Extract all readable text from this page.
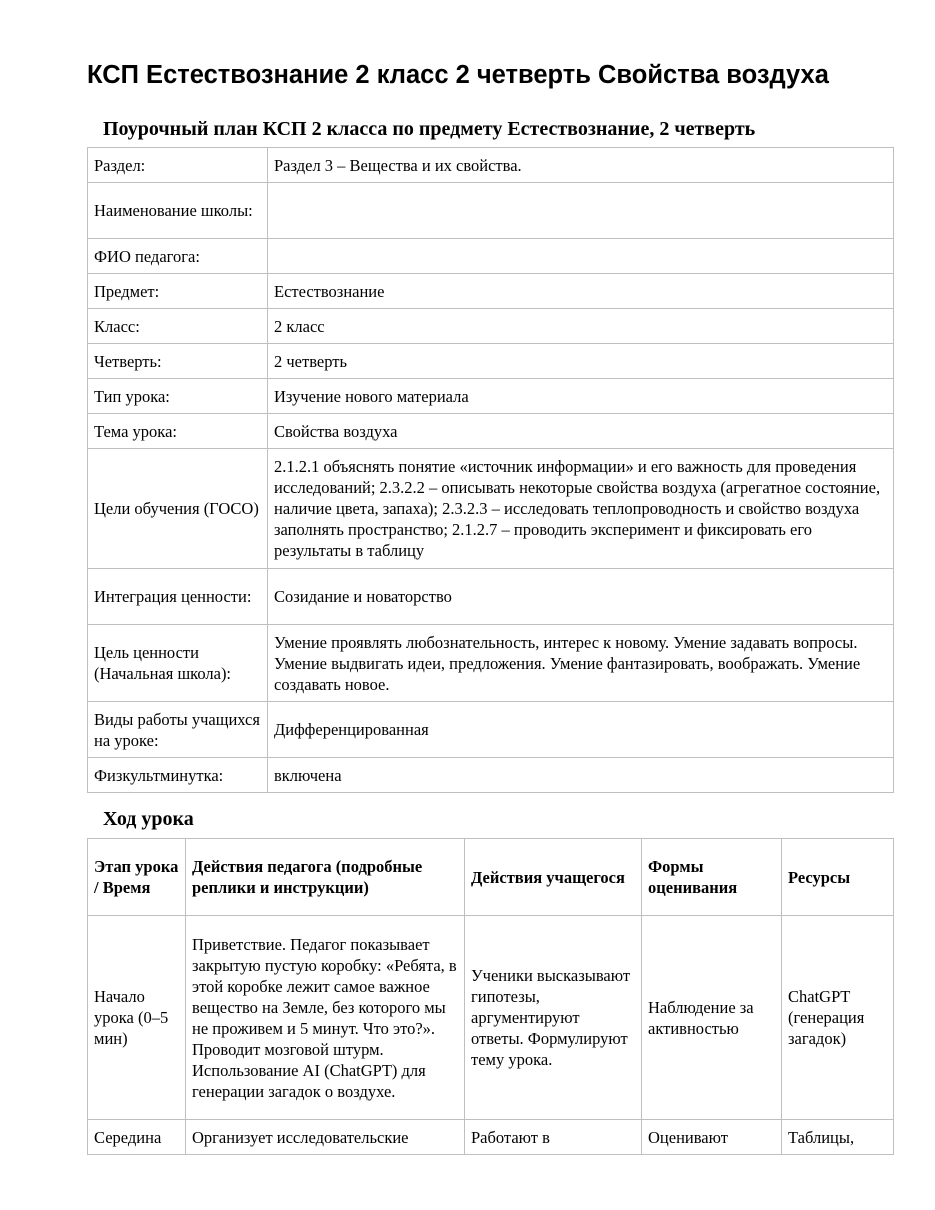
КСП Естествознание 2 класс 2 четверть Свойства воздуха
Поурочный план КСП 2 класса по предмету Естествознание, 2 четверть
Раздел:	Раздел 3 – Вещества и их свойства.
Наименование школы:	
ФИО педагога:	
Предмет:	Естествознание
Класс:	2 класс
Четверть:	2 четверть
Тип урока:	Изучение нового материала
Тема урока:	Свойства воздуха
Цели обучения (ГОСО)	2.1.2.1 объяснять понятие «источник информации» и его важность для проведения исследований; 2.3.2.2 – описывать некоторые свойства воздуха (агрегатное состояние, наличие цвета, запаха); 2.3.2.3 – исследовать теплопроводность и свойство воздуха заполнять пространство; 2.1.2.7 – проводить эксперимент и фиксировать его результаты в таблицу
Интеграция ценности:	Созидание и новаторство
Цель ценности (Начальная школа):	Умение проявлять любознательность, интерес к новому. Умение задавать вопросы. Умение выдвигать идеи, предложения. Умение фантазировать, воображать. Умение создавать новое.
Виды работы учащихся на уроке:	Дифференцированная
Физкультминутка:	включена
Ход урока
Этап урока / Время	Действия педагога (подробные реплики и инструкции)	Действия учащегося	Формы оценивания	Ресурсы
Начало урока (0–5 мин)	Приветствие. Педагог показывает закрытую пустую коробку: «Ребята, в этой коробке лежит самое важное вещество на Земле, без которого мы не проживем и 5 минут. Что это?». Проводит мозговой штурм. Использование AI (ChatGPT) для генерации загадок о воздухе.	Ученики высказывают гипотезы, аргументируют ответы. Формулируют тему урока.	Наблюдение за активностью	ChatGPT (генерация загадок)

Середина	Организует исследовательские	Работают в	Оценивают	Таблицы,
